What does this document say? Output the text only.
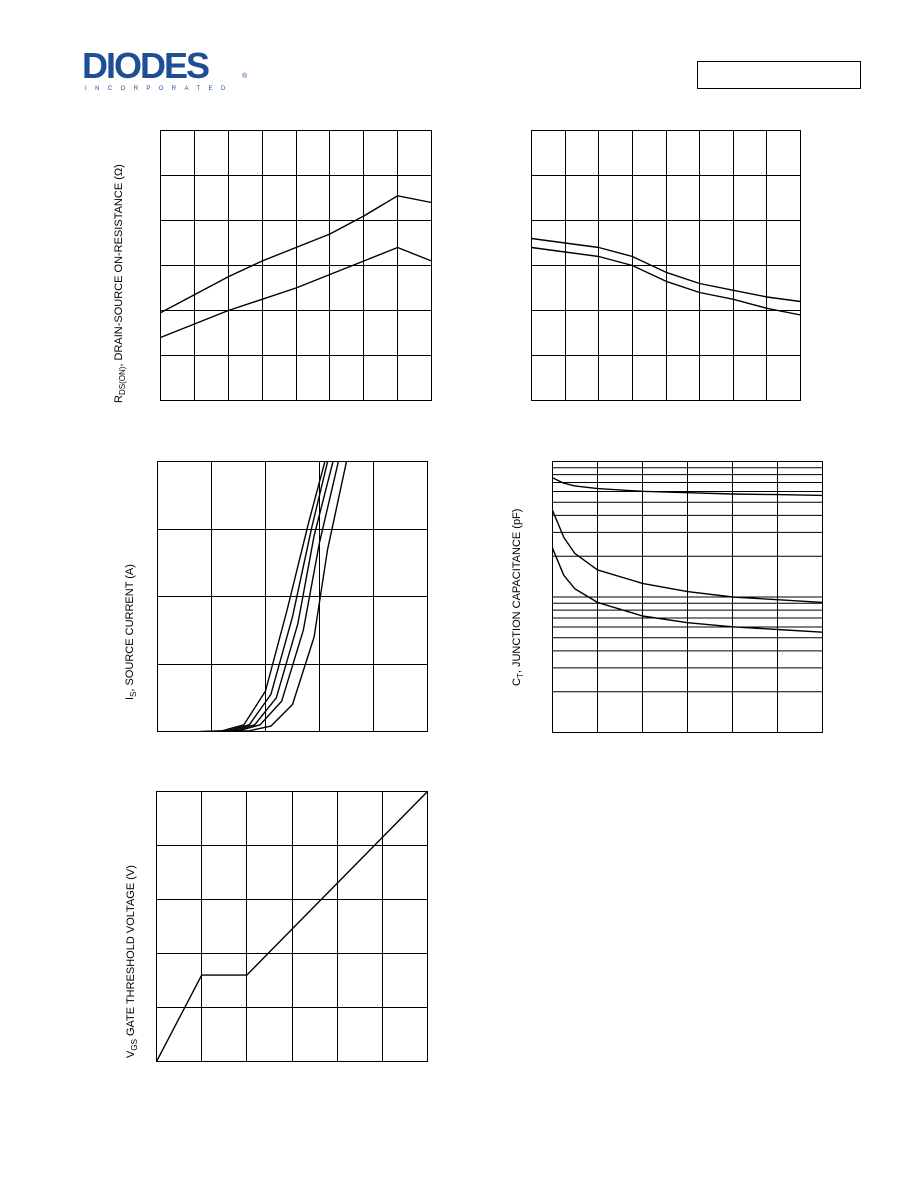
DIODES
INCORPORATED
®
$R_{DS(ON)}$, DRAIN-SOURCE ON-RESISTANCE (Ω)
$I_S$, SOURCE CURRENT (A)	$C_T$, JUNCTION CAPACITANCE (pF)
$V_{GS}$ GATE THRESHOLD VOLTAGE (V)
